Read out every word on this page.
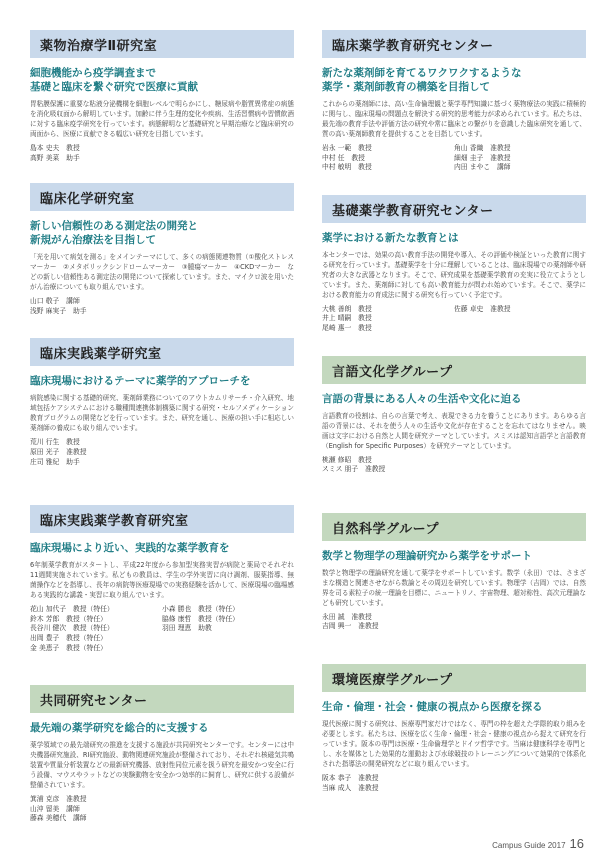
薬物治療学Ⅱ研究室
細胞機能から疫学調査まで
基礎と臨床を繋ぐ研究で医療に貢献
胃粘膜保護に重要な粘液分泌機構を細胞レベルで明らかにし、糖尿病や脂質異常症の病態を消化吸収面から解明しています。加齢に伴う生理的変化や疾病、生活習慣病や習慣飲酒に対する臨床疫学研究を行っています。病態解明など基礎研究と早期治療など臨床研究の両面から、医療に貢献できる幅広い研究を目指しています。
島本 史夫　教授
高野 美菜　助手
臨床化学研究室
新しい信頼性のある測定法の開発と
新規がん治療法を目指して
「光を用いて病気を測る」をメインテーマにして、多くの病態関連物質（①酸化ストレスマーカー　②メタボリックシンドロームマーカー　③腫瘍マーカー　④CKDマーカー　などの新しい信頼性ある測定法の開発について探索しています。また、マイクロ波を用いたがん治療についても取り組んでいます。
山口 敬子　講師
浅野 麻実子　助手
臨床実践薬学研究室
臨床現場におけるテーマに薬学的アプローチを
病院感染に関する基礎的研究、薬剤師業務についてのアウトカムリサーチ・介入研究、地域包括ケアシステムにおける職種間連携体制構築に関する研究・セルフメディケーション教育プログラムの開発などを行っています。また、研究を通し、医療の担い手に相応しい薬剤師の養成にも取り組んでいます。
荒川 行生　教授
原田 光子　准教授
庄司 雅紀　助手
臨床実践薬学教育研究室
臨床現場により近い、実践的な薬学教育を
6年制薬学教育がスタートし、平成22年度から参加型実務実習が病院と薬局でそれぞれ11週間実施されています。私どもの教員は、学生の学外実習に向け調剤、服薬指導、無菌操作などを指導し、長年の病院等医療現場での実務経験を活かして、医療現場の臨場感ある実践的な講義・実習に取り組んでいます。
花山 加代子　教授（特任）	小森 勝也　教授（特任）
鈴木 芳郎　教授（特任）	脇條 康哲　教授（特任）
長谷川 健次　教授（特任）	羽田 理恵　助教
出岡 豊子　教授（特任）
金 美恵子　教授（特任）
共同研究センター
最先端の薬学研究を総合的に支援する
薬学領域での最先端研究の推進を支援する施設が共同研究センターです。センターには中央機器研究施設、RI研究施設、動物関連研究施設が整備されており、それぞれ核磁気共鳴装置や質量分析装置などの最新研究機器、放射性同位元素を扱う研究を最安かつ安全に行う設備、マウスやラットなどの実験動物を安全かつ効率的に飼育し、研究に供する設備が整備されています。
箕浦 克彦　准教授
山沖 留美　講師
藤森 美穂代　講師
臨床薬学教育研究センター
新たな薬剤師を育てるワクワクするような
薬学・薬剤師教育の構築を目指して
これからの薬剤師には、高い生命倫理観と薬学専門知識に基づく薬物療法の実践に積極的に関与し、臨床現場の問題点を解決する研究的思考能力が求められています。私たちは、最先端の教育手法や評価方法の研究や常に臨床との繋がりを意識した臨床研究を通して、質の高い薬剤師教育を提供することを目指しています。
岩永 一範　教授	角山 香織　准教授
中村 任　教授	細畑 圭子　准教授
中村 敏明　教授	内田 まやこ　講師
基礎薬学教育研究センター
薬学における新たな教育とは
本センターでは、効果の高い教育手法の開発や導入、その評価や検証といった教育に関する研究を行っています。基礎薬学を十分に理解していることは、臨床現場での薬剤師や研究者の大きな武器となります。そこで、研究成果を基礎薬学教育の充実に役立てようとしています。また、薬剤師に対しても高い教育能力が問われ始めています。そこで、薬学における教育能力の育成法に関する研究も行っていく予定です。
大桃 善朗　教授	佐藤 卓史　准教授
井上 晴嗣　教授
尾崎 惠一　教授
言語文化学グループ
言語の背景にある人々の生活や文化に迫る
言語教育の役割は、自らの言葉で考え、表現できる力を養うことにあります。あらゆる言語の背景には、それを使う人々の生活や文化が存在することを忘れてはなりません。映画は文字における自然と人間を研究テーマとしています。スミスは認知言語学と言語教育（English for Specific Purposes）を研究テーマとしています。
桃瀬 修昭　教授
スミス 朋子　准教授
自然科学グループ
数学と物理学の理論研究から薬学をサポート
数学と物理学の理論研究を通して薬学をサポートしています。数学（永田）では、さまざまな構造と関連させながら数論とその周辺を研究しています。物理学（吉岡）では、自然界を司る素粒子の統一理論を目標に、ニュートリノ、宇宙物理、超対称性、高次元理論なども研究しています。
永田 誠　准教授
吉岡 興一　准教授
環境医療学グループ
生命・倫理・社会・健康の視点から医療を探る
現代医療に関する研究は、医療専門家だけではなく、専門の枠を超えた学際的取り組みを必要とします。私たちは、医療を広く生命・倫理・社会・健康の視点から捉えて研究を行っています。阪本の専門は医療・生命倫理学とドイツ哲学です。当麻は健康科学を専門とし、水を媒体とした効果的な運動および水球競技のトレーニングについて効果的で体系化された指導法の開発研究などに取り組んでいます。
阪本 恭子　准教授
当麻 成人　准教授
Campus Guide 2017 16
